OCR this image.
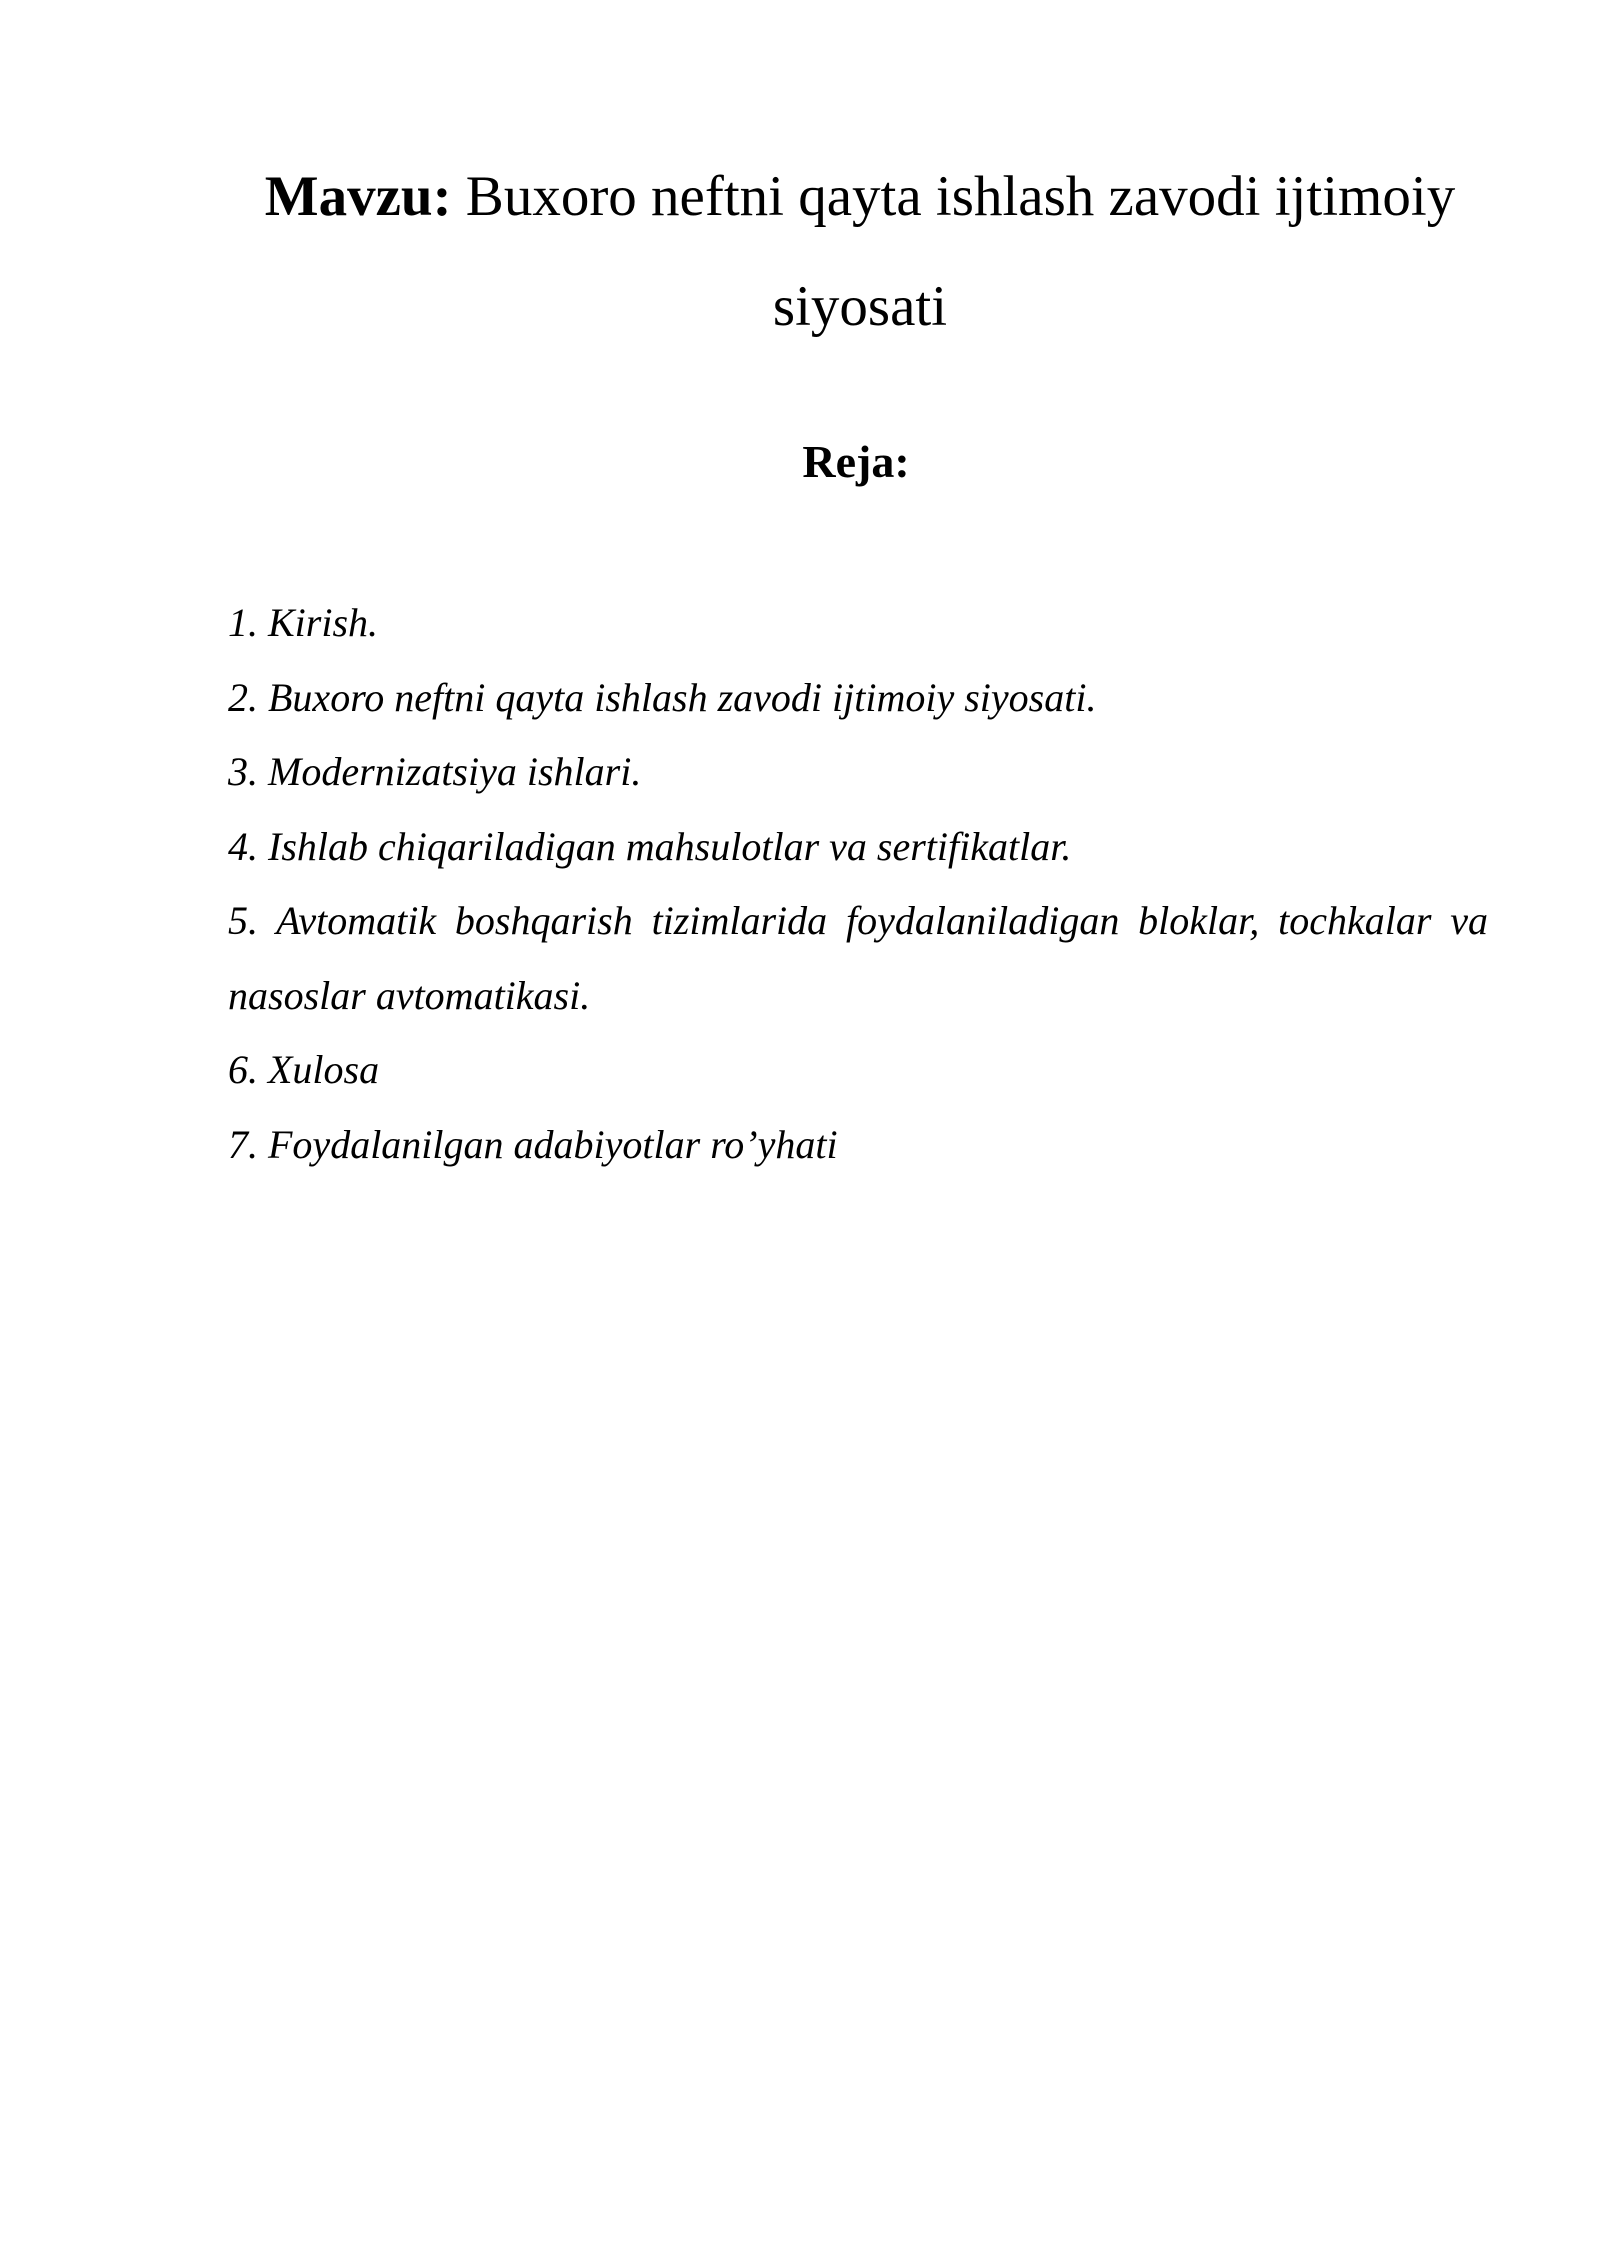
Mavzu: Buxoro neftni qayta ishlash zavodi ijtimoiy siyosati
Reja:
1. Kirish.
2. Buxoro neftni qayta ishlash zavodi ijtimoiy siyosati.
3. Modernizatsiya ishlari.
4. Ishlab chiqariladigan mahsulotlar va sertifikatlar.
5. Avtomatik boshqarish tizimlarida foydalaniladigan bloklar, tochkalar va nasoslar avtomatikasi.
6. Xulosa
7. Foydalanilgan adabiyotlar ro’yhati
